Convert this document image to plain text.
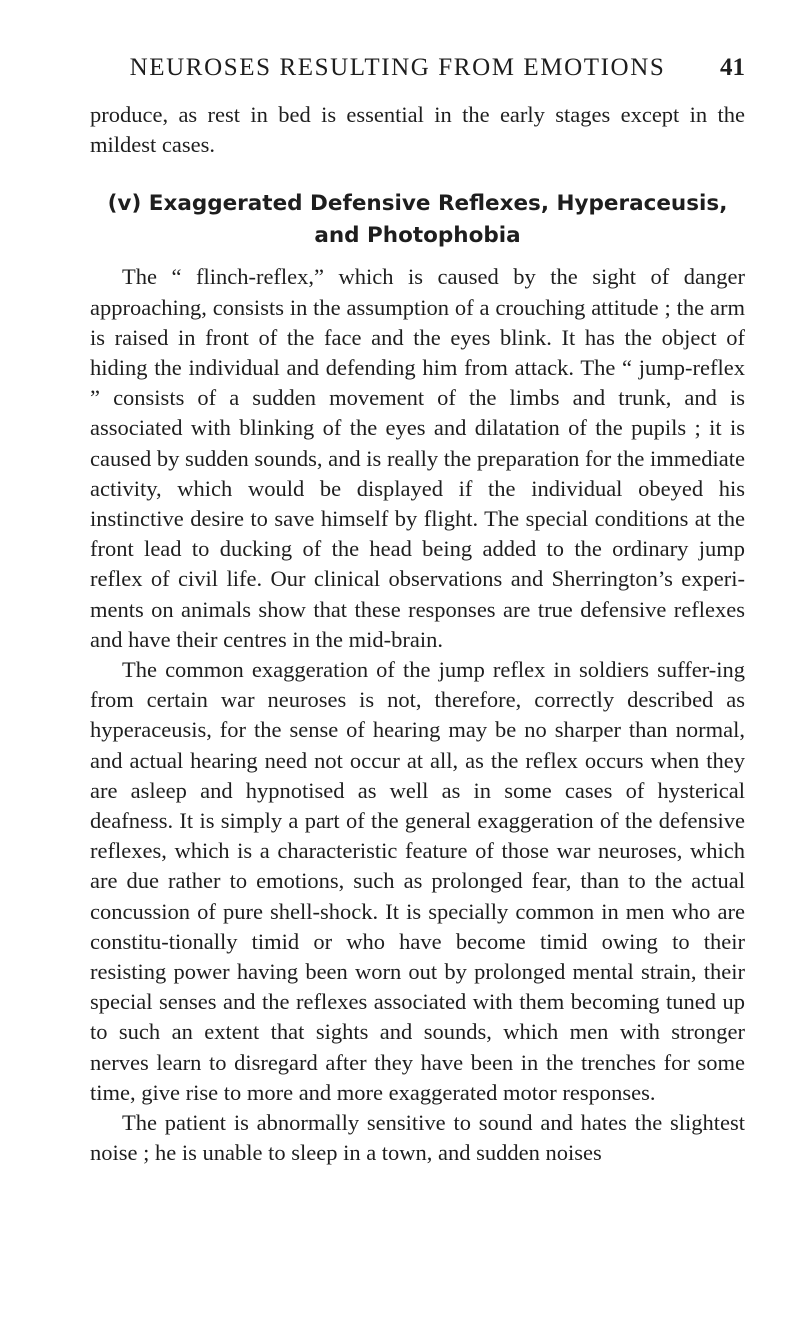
NEUROSES RESULTING FROM EMOTIONS	41

produce, as rest in bed is essential in the early stages except in the mildest cases.

(v) Exaggerated Defensive Reflexes, Hyperaceusis,
and Photophobia

The “ flinch-reflex,” which is caused by the sight of danger approaching, consists in the assumption of a crouching attitude ; the arm is raised in front of the face and the eyes blink. It has the object of hiding the individual and defending him from attack. The “ jump-reflex ” consists of a sudden movement of the limbs and trunk, and is associated with blinking of the eyes and dilatation of the pupils ; it is caused by sudden sounds, and is really the preparation for the immediate activity, which would be displayed if the individual obeyed his instinctive desire to save himself by flight. The special conditions at the front lead to ducking of the head being added to the ordinary jump reflex of civil life. Our clinical observations and Sherrington’s experi-ments on animals show that these responses are true defensive reflexes and have their centres in the mid-brain.

The common exaggeration of the jump reflex in soldiers suffer-ing from certain war neuroses is not, therefore, correctly described as hyperaceusis, for the sense of hearing may be no sharper than normal, and actual hearing need not occur at all, as the reflex occurs when they are asleep and hypnotised as well as in some cases of hysterical deafness. It is simply a part of the general exaggeration of the defensive reflexes, which is a characteristic feature of those war neuroses, which are due rather to emotions, such as prolonged fear, than to the actual concussion of pure shell-shock. It is specially common in men who are constitu-tionally timid or who have become timid owing to their resisting power having been worn out by prolonged mental strain, their special senses and the reflexes associated with them becoming tuned up to such an extent that sights and sounds, which men with stronger nerves learn to disregard after they have been in the trenches for some time, give rise to more and more exaggerated motor responses.

The patient is abnormally sensitive to sound and hates the slightest noise ; he is unable to sleep in a town, and sudden noises
